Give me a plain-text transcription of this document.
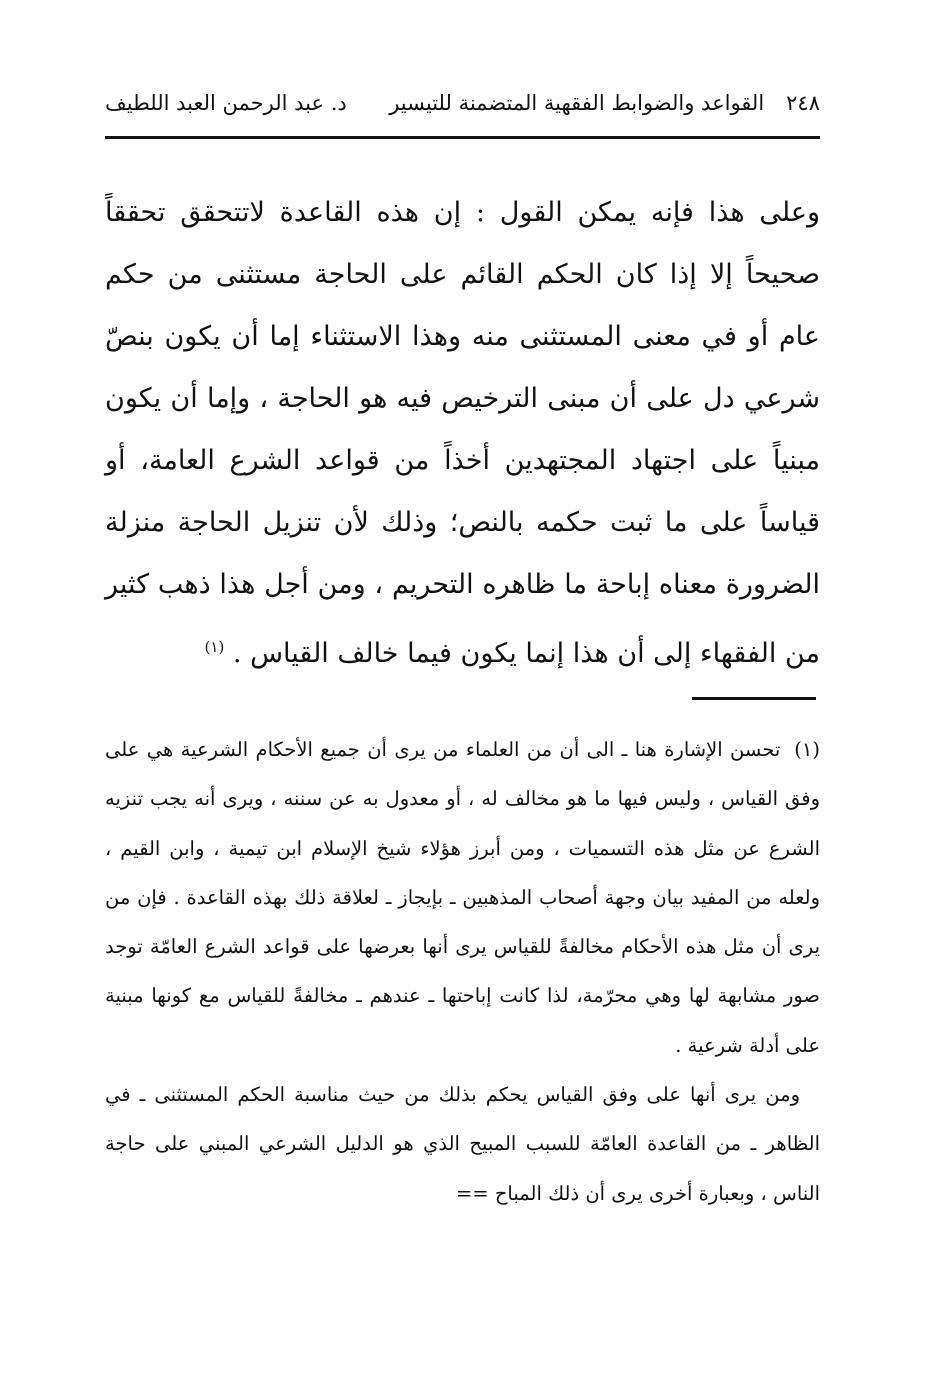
٢٤٨
القواعد والضوابط الفقهية المتضمنة للتيسير
د. عبد الرحمن العبد اللطيف
وعلى هذا فإنه يمكن القول : إن هذه القاعدة لاتتحقق تحققاً صحيحاً إلا إذا كان الحكم القائم على الحاجة مستثنى من حكم عام أو في معنى المستثنى منه وهذا الاستثناء إما أن يكون بنصّ شرعي دل على أن مبنى الترخيص فيه هو الحاجة ، وإما أن يكون مبنياً على اجتهاد المجتهدين أخذاً من قواعد الشرع العامة، أو قياساً على ما ثبت حكمه بالنص؛ وذلك لأن تنزيل الحاجة منزلة الضرورة معناه إباحة ما ظاهره التحريم ، ومن أجل هذا ذهب كثير من الفقهاء إلى أن هذا إنما يكون فيما خالف القياس . $^{(١)}$
(١)تحسن الإشارة هنا ـ الى أن من العلماء من يرى أن جميع الأحكام الشرعية هي على وفق القياس ، وليس فيها ما هو مخالف له ، أو معدول به عن سننه ، ويرى أنه يجب تنزيه الشرع عن مثل هذه التسميات ، ومن أبرز هؤلاء شيخ الإسلام ابن تيمية ، وابن القيم ، ولعله من المفيد بيان وجهة أصحاب المذهبين ـ بإيجاز ـ لعلاقة ذلك بهذه القاعدة . فإن من يرى أن مثل هذه الأحكام مخالفةً للقياس يرى أنها بعرضها على قواعد الشرع العامّة توجد صور مشابهة لها وهي محرّمة، لذا كانت إباحتها ـ عندهم ـ مخالفةً للقياس مع كونها مبنية على أدلة شرعية .
ومن يرى أنها على وفق القياس يحكم بذلك من حيث مناسبة الحكم المستثنى ـ في الظاهر ـ من القاعدة العامّة للسبب المبيح الذي هو الدليل الشرعي المبني على حاجة الناس ، وبعبارة أخرى يرى أن ذلك المباح ==
